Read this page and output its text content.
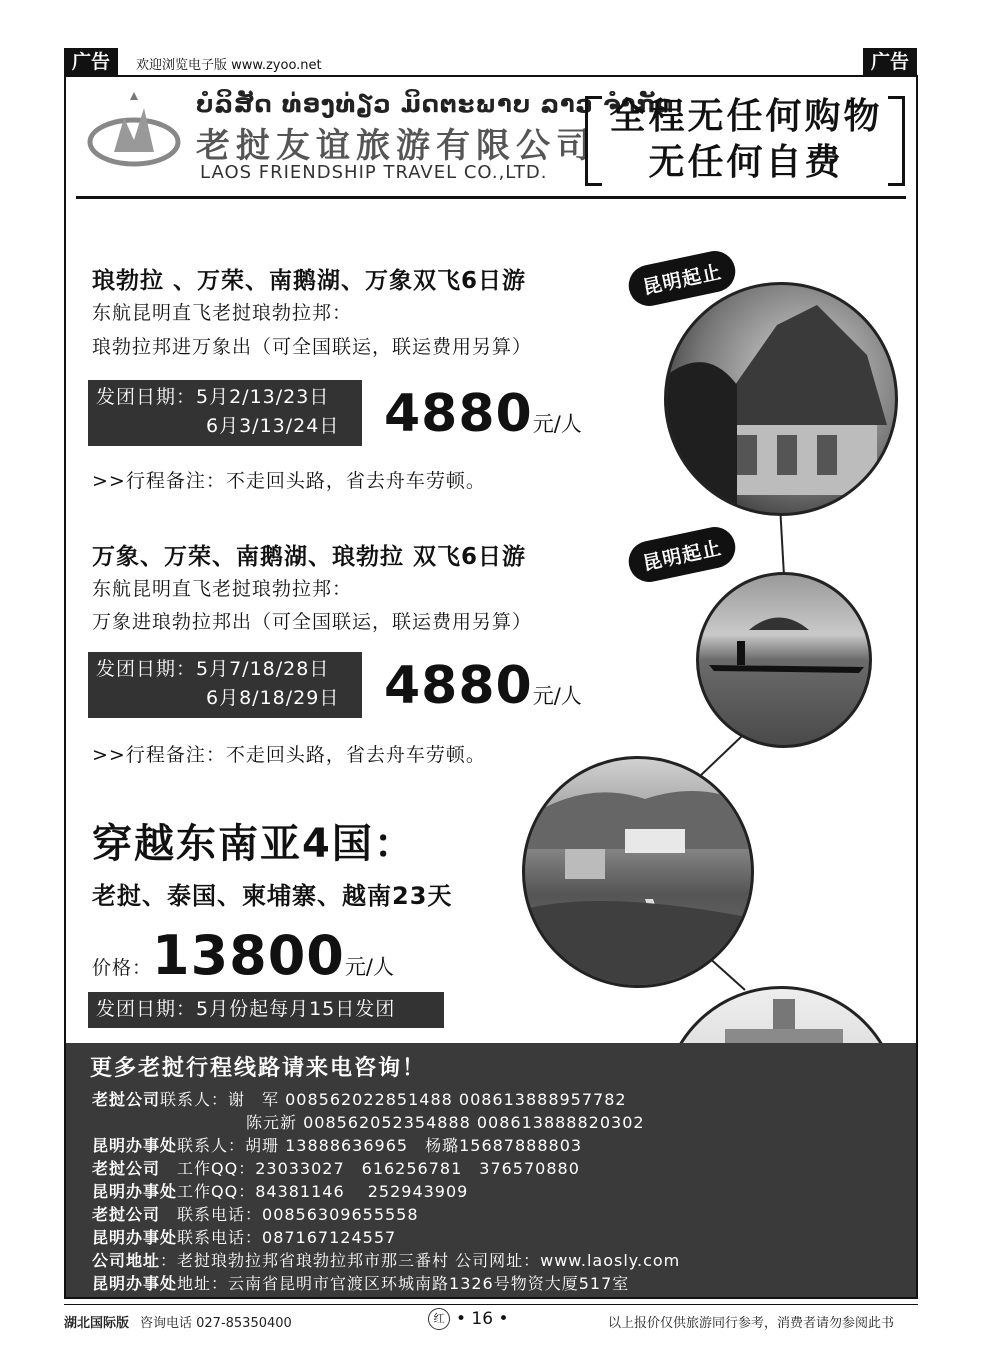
广告	欢迎浏览电子版 www.zyoo.net	广告
ບໍລິສັດ ທ່ອງທ່ຽວ ມິດຕະພາບ ລາວ ຈຳກັດ
老挝友谊旅游有限公司
LAOS FRIENDSHIP TRAVEL CO.,LTD.
全程无任何购物
无任何自费
琅勃拉 、万荣、南鹅湖、万象双飞6日游	昆明起止
东航昆明直飞老挝琅勃拉邦：
琅勃拉邦进万象出（可全国联运，联运费用另算）
发团日期：5月2/13/23日
6月3/13/24日 4880元/人
>>行程备注：不走回头路，省去舟车劳顿。
万象、万荣、南鹅湖、琅勃拉 双飞6日游	昆明起止
东航昆明直飞老挝琅勃拉邦：
万象进琅勃拉邦出（可全国联运，联运费用另算）
发团日期：5月7/18/28日
6月8/18/29日 4880元/人
>>行程备注：不走回头路，省去舟车劳顿。
穿越东南亚4国：
老挝、泰国、柬埔寨、越南23天
价格：13800元/人
发团日期：5月份起每月15日发团
更多老挝行程线路请来电咨询！
老挝公司联系人：谢　军 00856202285148​8 008613888957782
陈元新 00856205235488​8 008613888820302
昆明办事处联系人：胡珊 13888636965　杨璐15687888803
老挝公司　工作QQ：23033027　616256781　376570880
昆明办事处工作QQ：84381146　 252943909
老挝公司　联系电话：008563096555​58
昆明办事处联系电话：087167124557
公司地址：老挝琅勃拉邦省琅勃拉邦市那三番村 公司网址：www.laosly.com
昆明办事处地址：云南省昆明市官渡区环城南路1326号物资大厦517室
湖北国际版 咨询电话 027-85350400	红 • 16 •	以上报价仅供旅游同行参考，消费者请勿参阅此书
